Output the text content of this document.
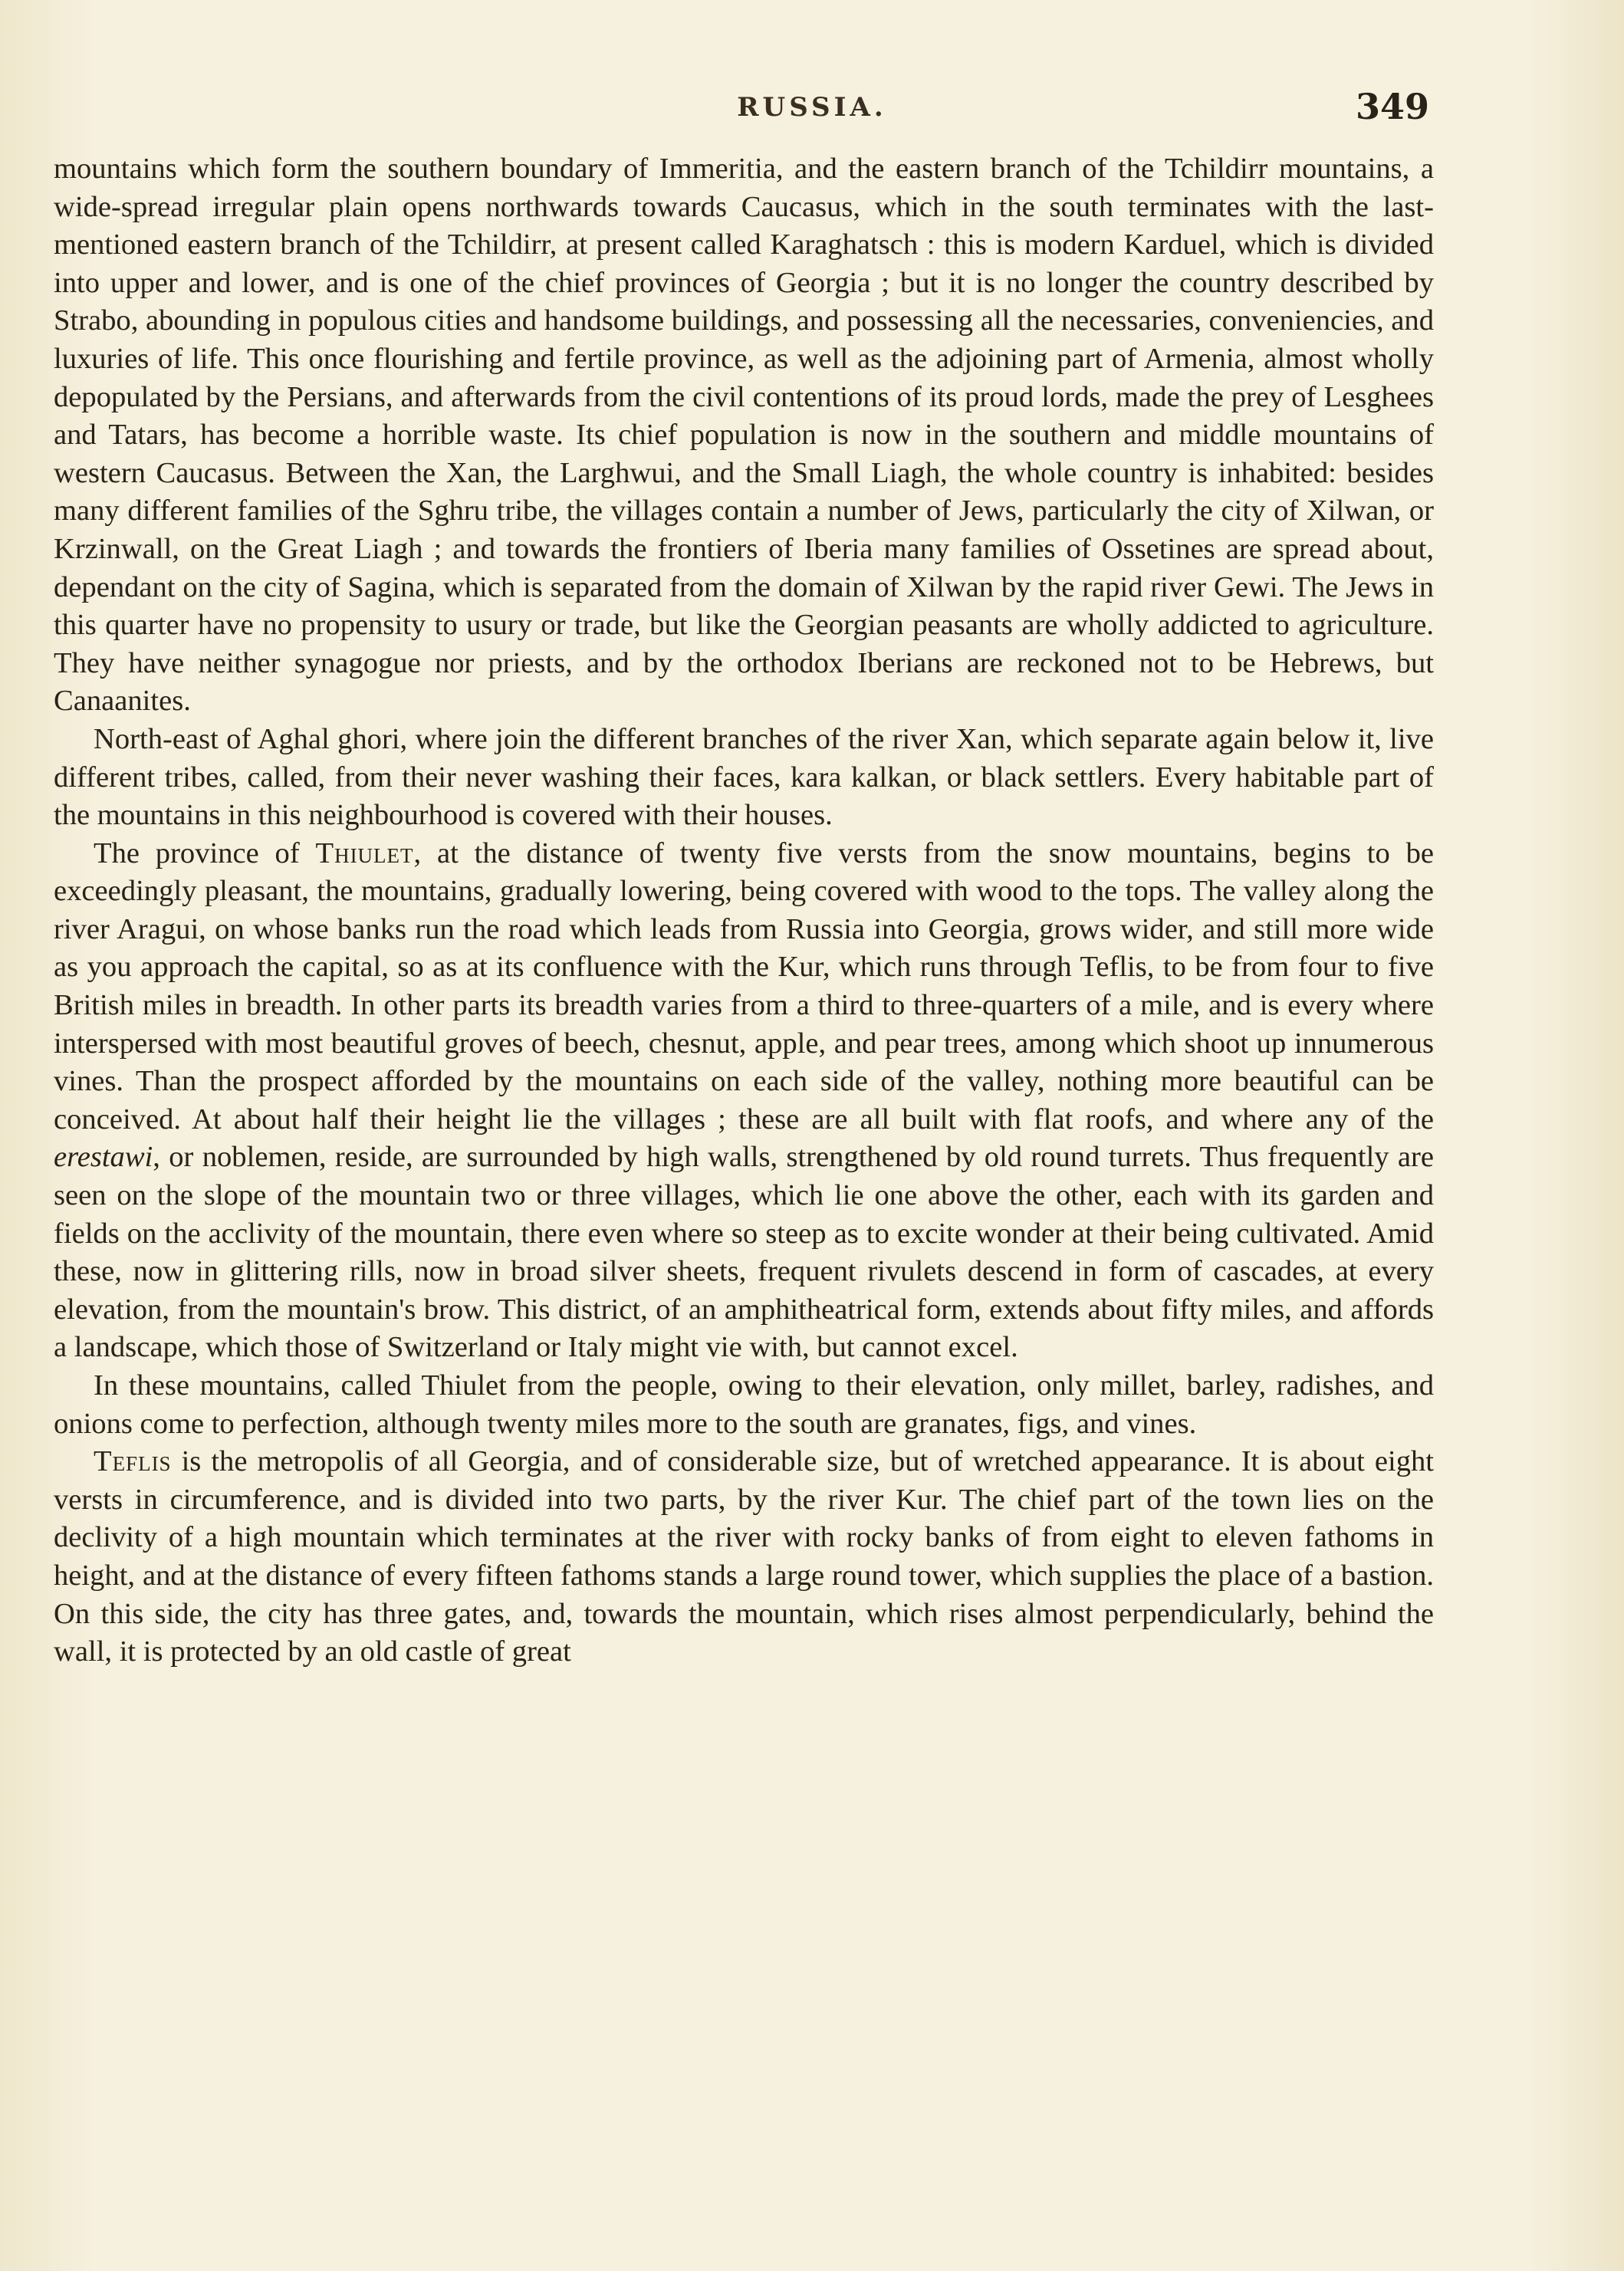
RUSSIA.	349

mountains which form the southern boundary of Immeritia, and the eastern branch of the Tchildirr mountains, a wide-spread irregular plain opens northwards towards Caucasus, which in the south terminates with the last-mentioned eastern branch of the Tchildirr, at present called Karaghatsch : this is modern Karduel, which is divided into upper and lower, and is one of the chief provinces of Georgia ; but it is no longer the country described by Strabo, abounding in populous cities and handsome buildings, and possessing all the necessaries, conveniencies, and luxuries of life. This once flourishing and fertile province, as well as the adjoining part of Armenia, almost wholly depopulated by the Persians, and afterwards from the civil contentions of its proud lords, made the prey of Lesghees and Tatars, has become a horrible waste. Its chief population is now in the southern and middle mountains of western Caucasus. Between the Xan, the Larghwui, and the Small Liagh, the whole country is inhabited: besides many different families of the Sghru tribe, the villages contain a number of Jews, particularly the city of Xilwan, or Krzinwall, on the Great Liagh ; and towards the frontiers of Iberia many families of Ossetines are spread about, dependant on the city of Sagina, which is separated from the domain of Xilwan by the rapid river Gewi. The Jews in this quarter have no propensity to usury or trade, but like the Georgian peasants are wholly addicted to agriculture. They have neither synagogue nor priests, and by the orthodox Iberians are reckoned not to be Hebrews, but Canaanites.

North-east of Aghal ghori, where join the different branches of the river Xan, which separate again below it, live different tribes, called, from their never washing their faces, kara kalkan, or black settlers. Every habitable part of the mountains in this neighbourhood is covered with their houses.

The province of Thiulet, at the distance of twenty five versts from the snow mountains, begins to be exceedingly pleasant, the mountains, gradually lowering, being covered with wood to the tops. The valley along the river Aragui, on whose banks run the road which leads from Russia into Georgia, grows wider, and still more wide as you approach the capital, so as at its confluence with the Kur, which runs through Teflis, to be from four to five British miles in breadth. In other parts its breadth varies from a third to three-quarters of a mile, and is every where interspersed with most beautiful groves of beech, chesnut, apple, and pear trees, among which shoot up innumerous vines. Than the prospect afforded by the mountains on each side of the valley, nothing more beautiful can be conceived. At about half their height lie the villages ; these are all built with flat roofs, and where any of the erestawi, or noblemen, reside, are surrounded by high walls, strengthened by old round turrets. Thus frequently are seen on the slope of the mountain two or three villages, which lie one above the other, each with its garden and fields on the acclivity of the mountain, there even where so steep as to excite wonder at their being cultivated. Amid these, now in glittering rills, now in broad silver sheets, frequent rivulets descend in form of cascades, at every elevation, from the mountain's brow. This district, of an amphitheatrical form, extends about fifty miles, and affords a landscape, which those of Switzerland or Italy might vie with, but cannot excel.

In these mountains, called Thiulet from the people, owing to their elevation, only millet, barley, radishes, and onions come to perfection, although twenty miles more to the south are granates, figs, and vines.

Teflis is the metropolis of all Georgia, and of considerable size, but of wretched appearance. It is about eight versts in circumference, and is divided into two parts, by the river Kur. The chief part of the town lies on the declivity of a high mountain which terminates at the river with rocky banks of from eight to eleven fathoms in height, and at the distance of every fifteen fathoms stands a large round tower, which supplies the place of a bastion. On this side, the city has three gates, and, towards the mountain, which rises almost perpendicularly, behind the wall, it is protected by an old castle of great
